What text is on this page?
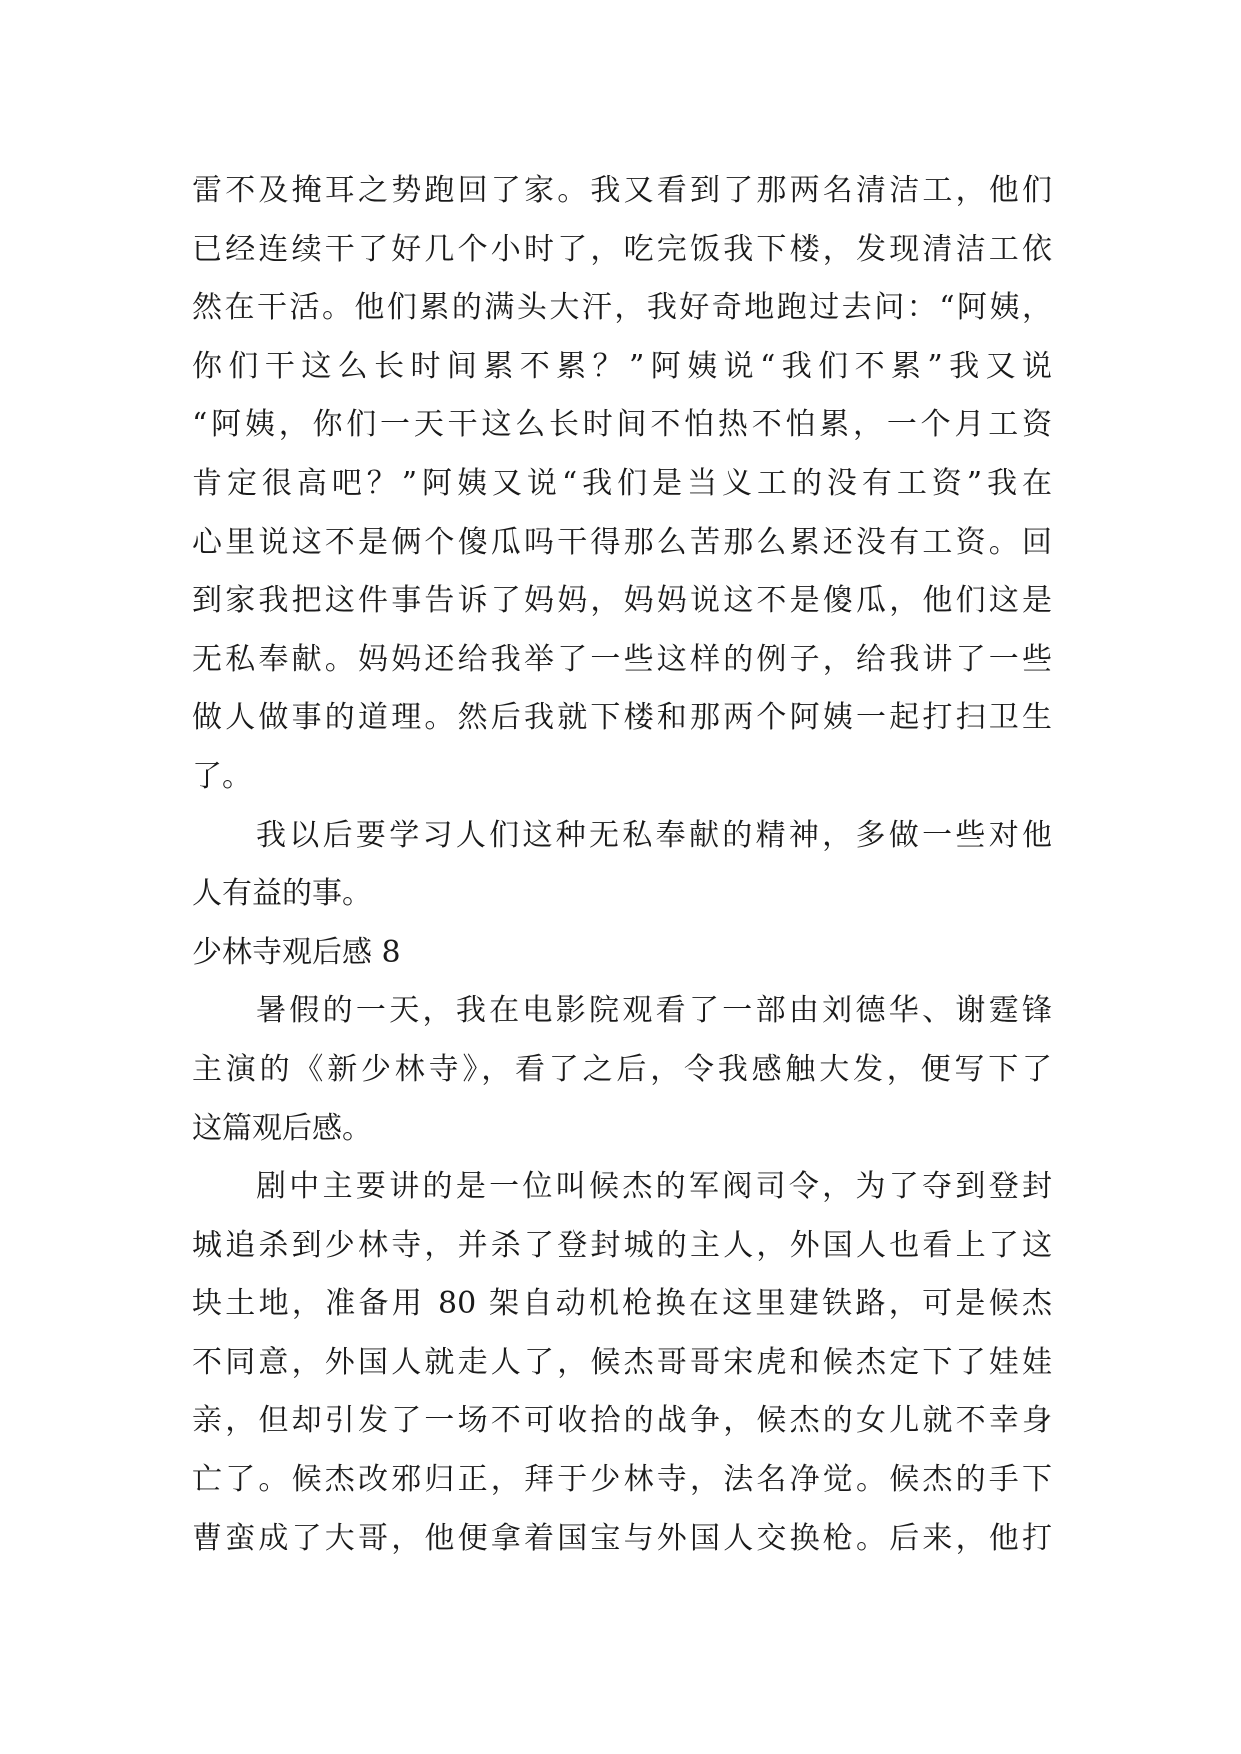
雷不及掩耳之势跑回了家。我又看到了那两名清洁工，他们
已经连续干了好几个小时了，吃完饭我下楼，发现清洁工依
然在干活。他们累的满头大汗，我好奇地跑过去问：“阿姨，
你们干这么长时间累不累？”阿姨说“我们不累”我又说
“阿姨，你们一天干这么长时间不怕热不怕累，一个月工资
肯定很高吧？”阿姨又说“我们是当义工的没有工资”我在
心里说这不是俩个傻瓜吗干得那么苦那么累还没有工资。回
到家我把这件事告诉了妈妈，妈妈说这不是傻瓜，他们这是
无私奉献。妈妈还给我举了一些这样的例子，给我讲了一些
做人做事的道理。然后我就下楼和那两个阿姨一起打扫卫生
了。
我以后要学习人们这种无私奉献的精神，多做一些对他
人有益的事。
少林寺观后感 8
暑假的一天，我在电影院观看了一部由刘德华、谢霆锋
主演的《新少林寺》，看了之后，令我感触大发，便写下了
这篇观后感。
剧中主要讲的是一位叫候杰的军阀司令，为了夺到登封
城追杀到少林寺，并杀了登封城的主人，外国人也看上了这
块土地，准备用 80 架自动机枪换在这里建铁路，可是候杰
不同意，外国人就走人了，候杰哥哥宋虎和候杰定下了娃娃
亲，但却引发了一场不可收拾的战争，候杰的女儿就不幸身
亡了。候杰改邪归正，拜于少林寺，法名净觉。候杰的手下
曹蛮成了大哥，他便拿着国宝与外国人交换枪。后来，他打
